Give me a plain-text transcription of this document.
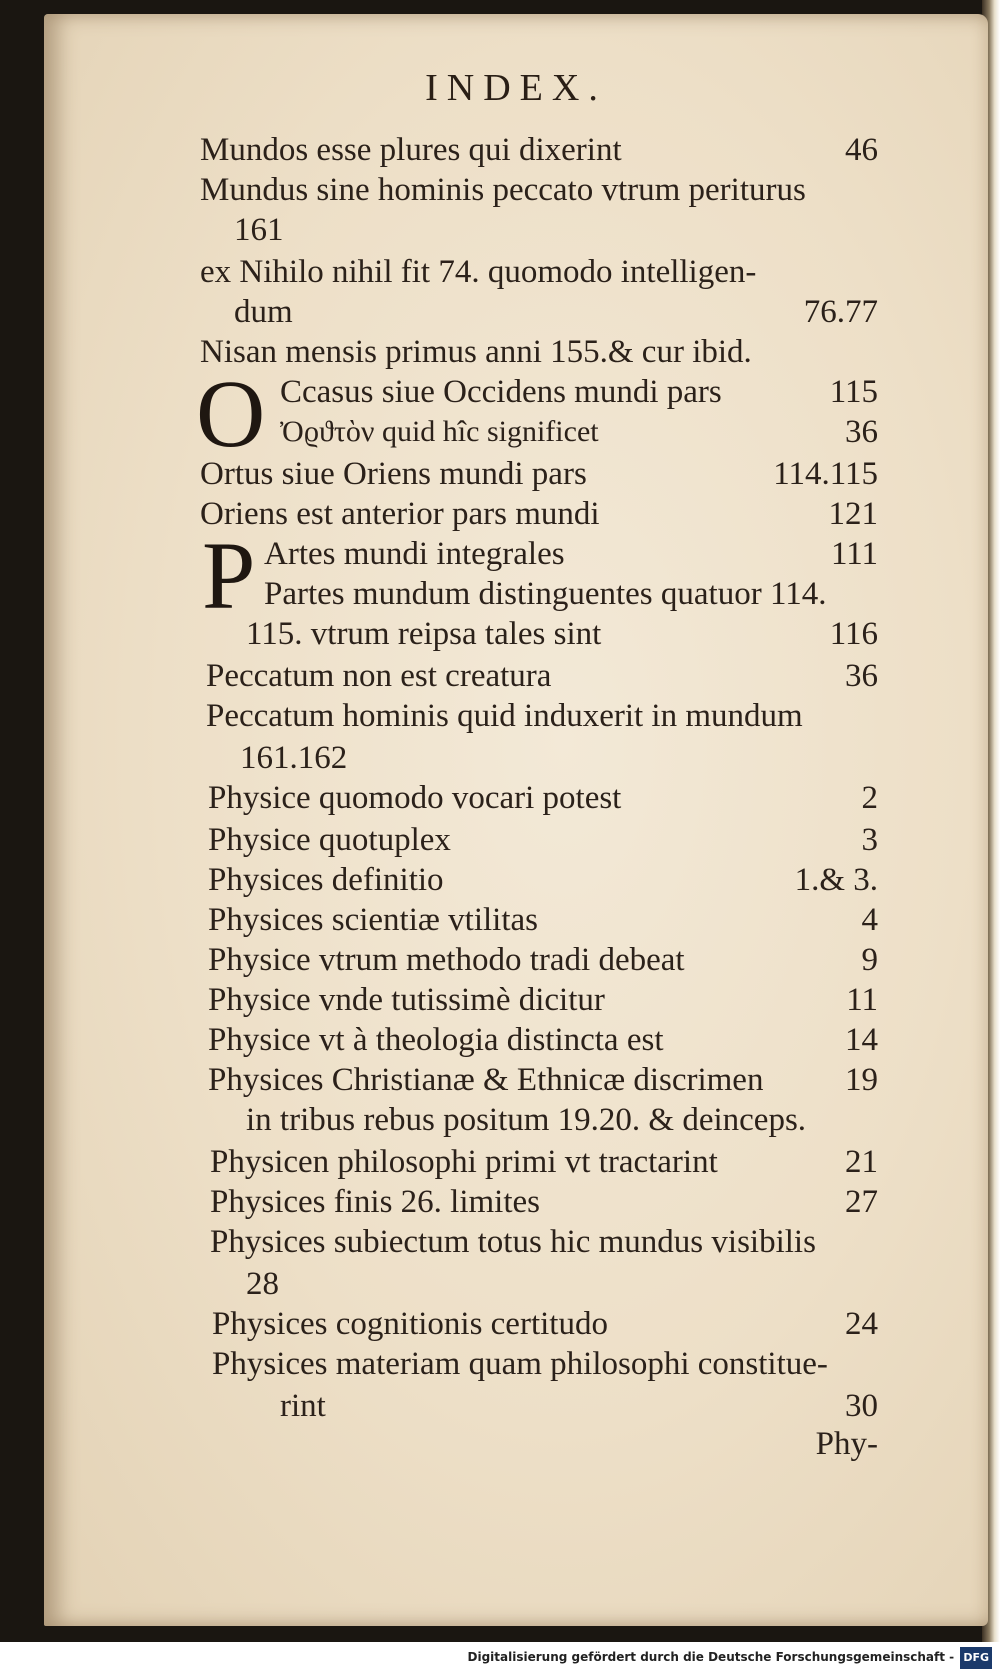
INDEX.
Mundos esse plures qui dixerint	46
Mundus sine hominis peccato vtrum periturus
161
ex Nihilo nihil fit 74. quomodo intelligen-
dum	76.77
Nisan mensis primus anni 155.& cur ibid.
O Ccasus siue Occidens mundi pars	115
Ὀϱϑτὸν quid hîc significet	36
Ortus siue Oriens mundi pars	114.115
Oriens est anterior pars mundi	121
P Artes mundi integrales	111
Partes mundum distinguentes quatuor 114.
115. vtrum reipsa tales sint	116
Peccatum non est creatura	36
Peccatum hominis quid induxerit in mundum
161.162
Physice quomodo vocari potest	2
Physice quotuplex	3
Physices definitio	1.& 3.
Physices scientiæ vtilitas	4
Physice vtrum methodo tradi debeat	9
Physice vnde tutissimè dicitur	11
Physice vt à theologia distincta est	14
Physices Christianæ & Ethnicæ discrimen 19
in tribus rebus positum 19.20. & deinceps.
Physicen philosophi primi vt tractarint	21
Physices finis 26. limites	27
Physices subiectum totus hic mundus visibilis
28
Physices cognitionis certitudo	24
Physices materiam quam philosophi constitue-
rint	30
Phy-
Digitalisierung gefördert durch die Deutsche Forschungsgemeinschaft - DFG
